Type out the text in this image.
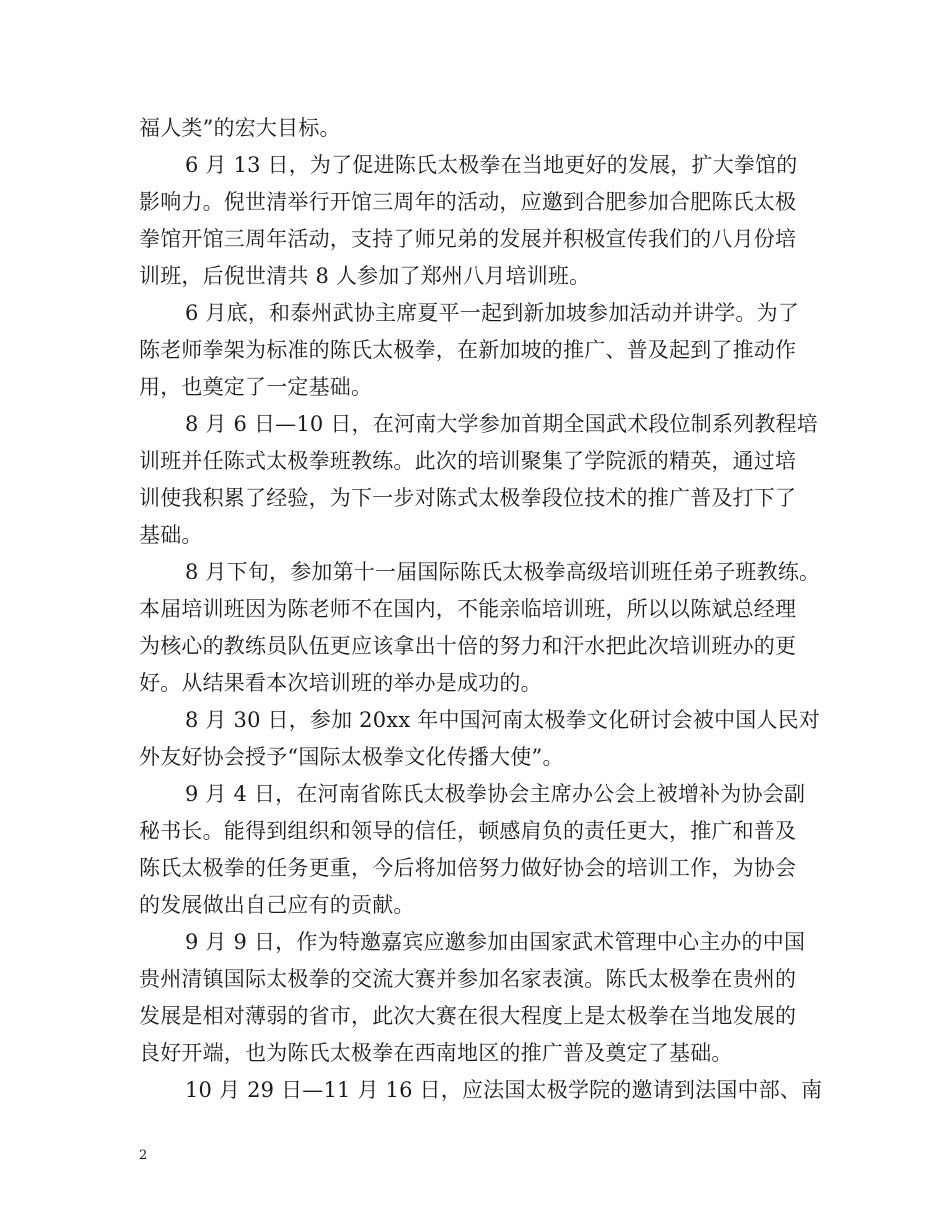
福人类”的宏大目标。
6 月 13 日，为了促进陈氏太极拳在当地更好的发展，扩大拳馆的
影响力。倪世清举行开馆三周年的活动，应邀到合肥参加合肥陈氏太极
拳馆开馆三周年活动，支持了师兄弟的发展并积极宣传我们的八月份培
训班，后倪世清共 8 人参加了郑州八月培训班。
6 月底，和泰州武协主席夏平一起到新加坡参加活动并讲学。为了
陈老师拳架为标准的陈氏太极拳，在新加坡的推广、普及起到了推动作
用，也奠定了一定基础。
8 月 6 日—10 日，在河南大学参加首期全国武术段位制系列教程培
训班并任陈式太极拳班教练。此次的培训聚集了学院派的精英，通过培
训使我积累了经验，为下一步对陈式太极拳段位技术的推广普及打下了
基础。
8 月下旬，参加第十一届国际陈氏太极拳高级培训班任弟子班教练。
本届培训班因为陈老师不在国内，不能亲临培训班，所以以陈斌总经理
为核心的教练员队伍更应该拿出十倍的努力和汗水把此次培训班办的更
好。从结果看本次培训班的举办是成功的。
8 月 30 日，参加 20xx 年中国河南太极拳文化研讨会被中国人民对
外友好协会授予“国际太极拳文化传播大使”。
9 月 4 日，在河南省陈氏太极拳协会主席办公会上被增补为协会副
秘书长。能得到组织和领导的信任，顿感肩负的责任更大，推广和普及
陈氏太极拳的任务更重，今后将加倍努力做好协会的培训工作，为协会
的发展做出自己应有的贡献。
9 月 9 日，作为特邀嘉宾应邀参加由国家武术管理中心主办的中国
贵州清镇国际太极拳的交流大赛并参加名家表演。陈氏太极拳在贵州的
发展是相对薄弱的省市，此次大赛在很大程度上是太极拳在当地发展的
良好开端，也为陈氏太极拳在西南地区的推广普及奠定了基础。
10 月 29 日—11 月 16 日，应法国太极学院的邀请到法国中部、南
2
